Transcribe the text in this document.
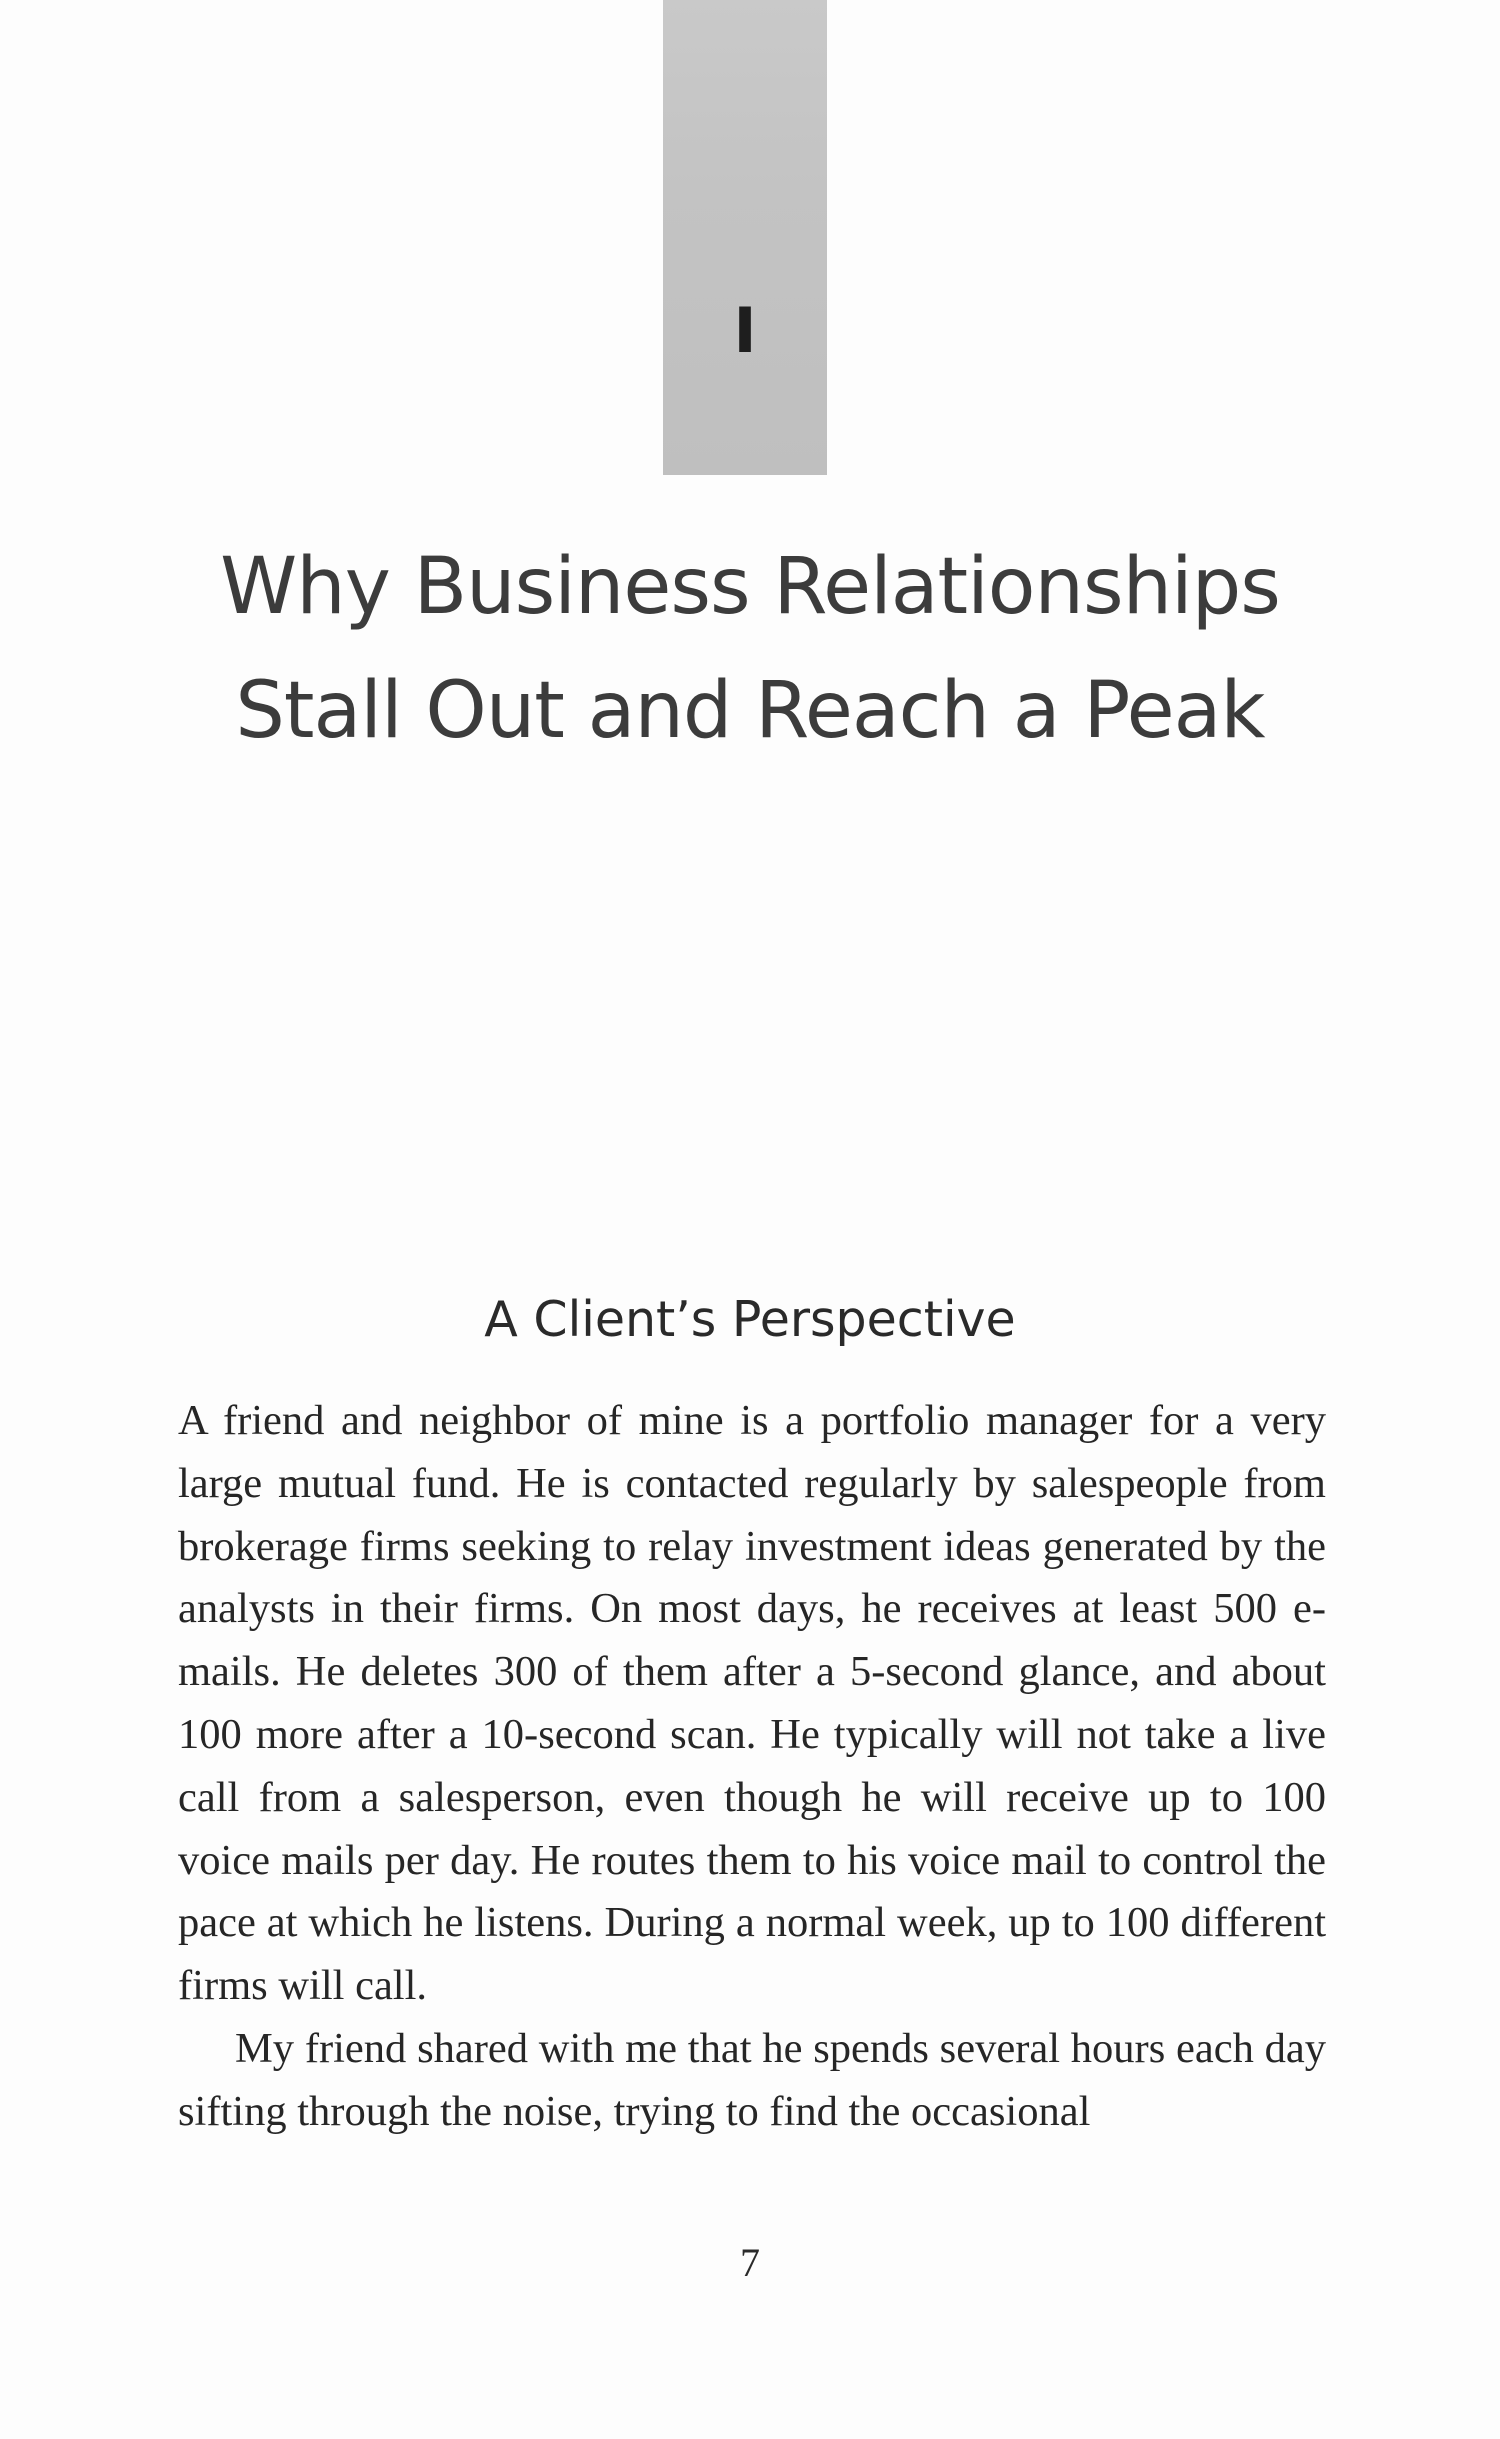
I
Why Business Relationships Stall Out and Reach a Peak
A Client’s Perspective

A friend and neighbor of mine is a portfolio manager for a very large mutual fund. He is contacted regularly by salespeople from brokerage firms seeking to relay investment ideas generated by the analysts in their firms. On most days, he receives at least 500 e-mails. He deletes 300 of them after a 5-second glance, and about 100 more after a 10-second scan. He typically will not take a live call from a salesperson, even though he will receive up to 100 voice mails per day. He routes them to his voice mail to control the pace at which he listens. During a normal week, up to 100 different firms will call.

My friend shared with me that he spends several hours each day sifting through the noise, trying to find the occasional

7
